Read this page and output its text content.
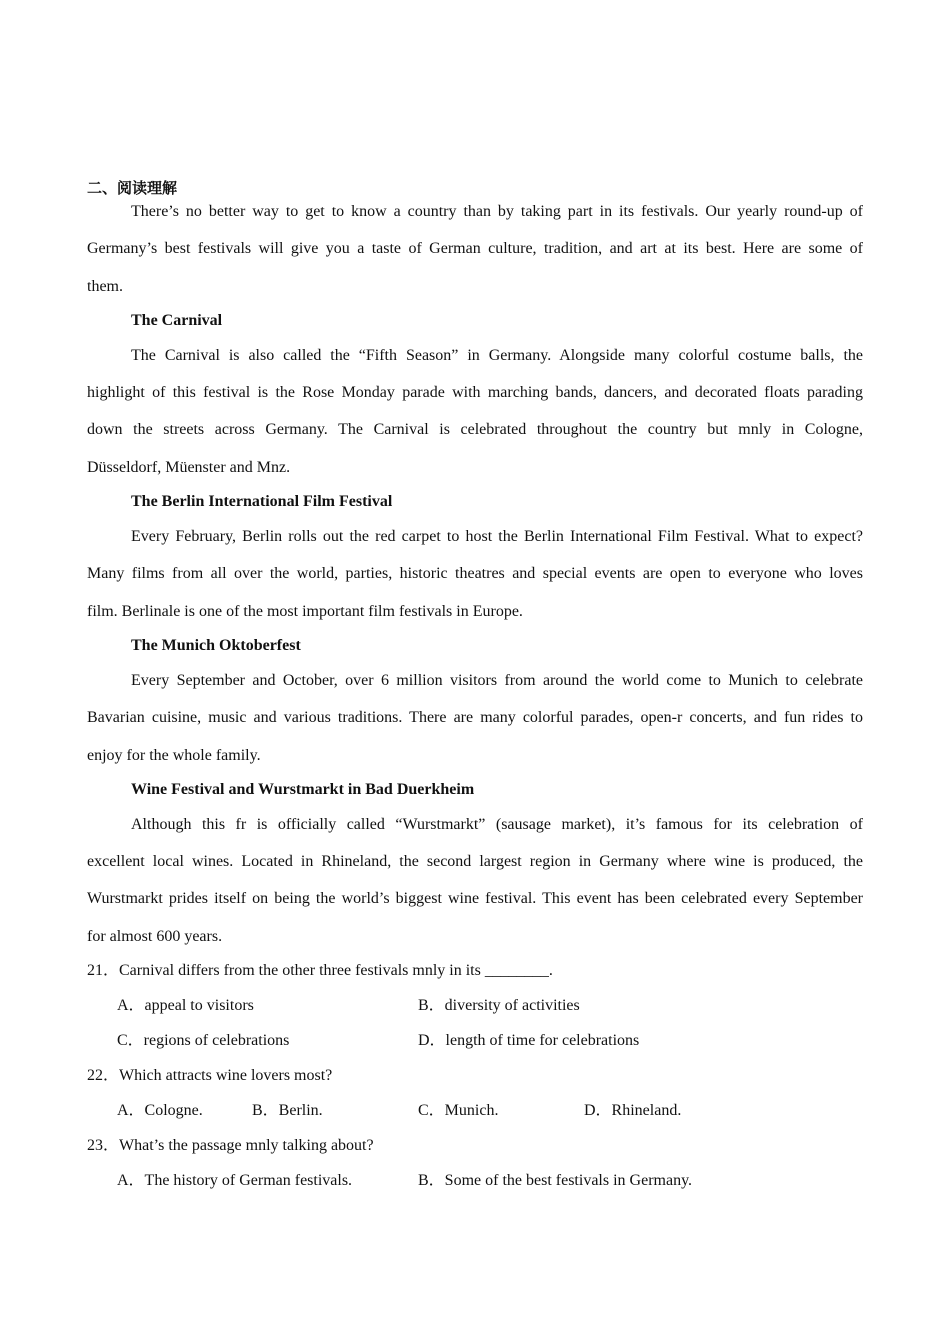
二、阅读理解
There’s no better way to get to know a country than by taking part in its festivals. Our yearly round-up of
Germany’s best festivals will give you a taste of German culture, tradition, and art at its best. Here are some of
them.
The Carnival
The Carnival is also called the “Fifth Season” in Germany. Alongside many colorful costume balls, the
highlight of this festival is the Rose Monday parade with marching bands, dancers, and decorated floats parading
down the streets across Germany. The Carnival is celebrated throughout the country but mnly in Cologne,
Düsseldorf, Müenster and Mnz.
The Berlin International Film Festival
Every February, Berlin rolls out the red carpet to host the Berlin International Film Festival. What to expect?
Many films from all over the world, parties, historic theatres and special events are open to everyone who loves
film. Berlinale is one of the most important film festivals in Europe.
The Munich Oktoberfest
Every September and October, over 6 million visitors from around the world come to Munich to celebrate
Bavarian cuisine, music and various traditions. There are many colorful parades, open-r concerts, and fun rides to
enjoy for the whole family.
Wine Festival and Wurstmarkt in Bad Duerkheim
Although this fr is officially called “Wurstmarkt” (sausage market), it’s famous for its celebration of
excellent local wines. Located in Rhineland, the second largest region in Germany where wine is produced, the
Wurstmarkt prides itself on being the world’s biggest wine festival. This event has been celebrated every September
for almost 600 years.
21．Carnival differs from the other three festivals mnly in its ________.
A．appeal to visitors	B．diversity of activities
C．regions of celebrations	D．length of time for celebrations
22．Which attracts wine lovers most?
A．Cologne.	B．Berlin.	C．Munich.	D．Rhineland.
23．What’s the passage mnly talking about?
A．The history of German festivals.	B．Some of the best festivals in Germany.
